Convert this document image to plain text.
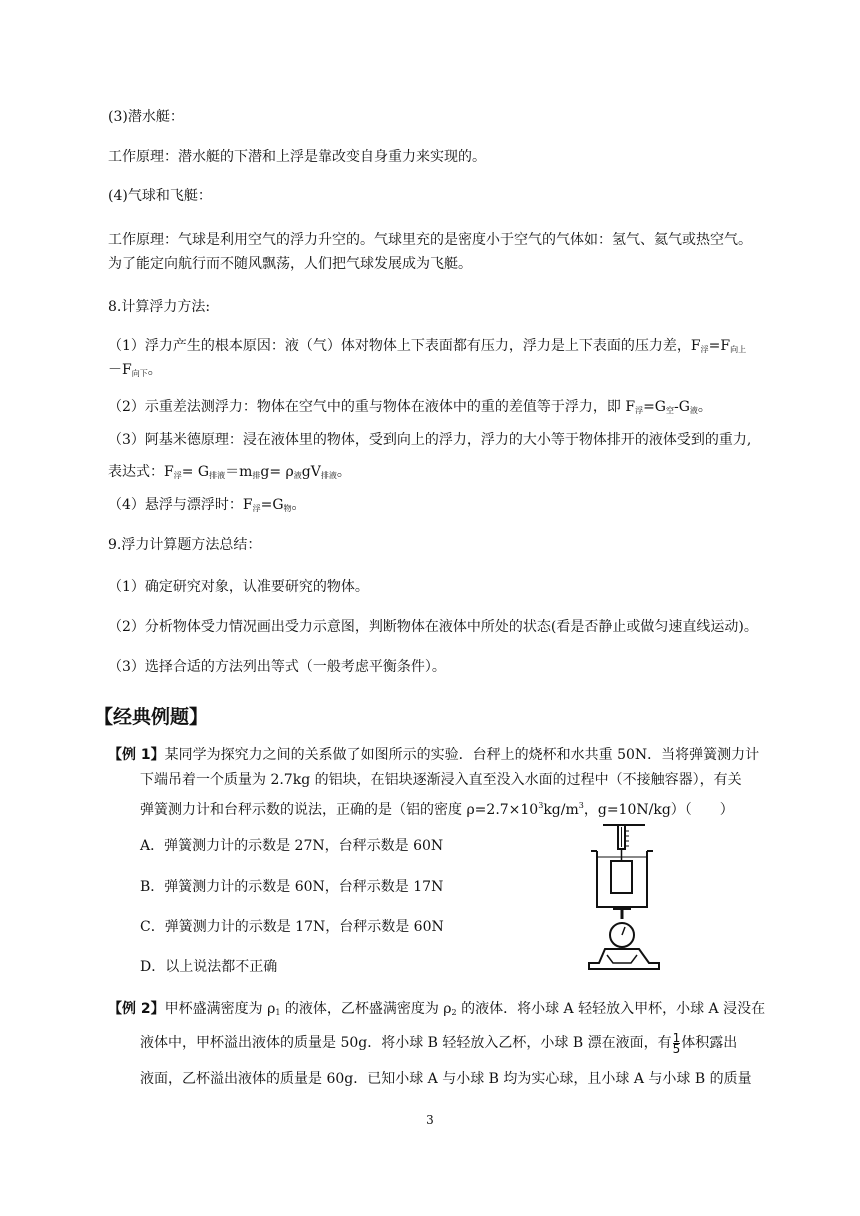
(3)潜水艇：
工作原理：潜水艇的下潜和上浮是靠改变自身重力来实现的。
(4)气球和飞艇：
工作原理：气球是利用空气的浮力升空的。气球里充的是密度小于空气的气体如：氢气、氦气或热空气。
为了能定向航行而不随风飘荡，人们把气球发展成为飞艇。
8.计算浮力方法:
（1）浮力产生的根本原因：液（气）体对物体上下表面都有压力，浮力是上下表面的压力差，$F_浮=F_{向上}$
$-F_{向下}$。
（2）示重差法测浮力：物体在空气中的重与物体在液体中的重的差值等于浮力，即 $F_浮=G_空-G_液$。
（3）阿基米德原理：浸在液体里的物体，受到向上的浮力，浮力的大小等于物体排开的液体受到的重力,
表达式：$F_浮= G_{排液}=m_排g= \rho_液gV_{排液}$。
（4）悬浮与漂浮时：$F_浮=G_物$。
9.浮力计算题方法总结：
（1）确定研究对象，认准要研究的物体。
（2）分析物体受力情况画出受力示意图，判断物体在液体中所处的状态(看是否静止或做匀速直线运动)。
（3）选择合适的方法列出等式（一般考虑平衡条件）。
【经典例题】
【例 1】某同学为探究力之间的关系做了如图所示的实验．台秤上的烧杯和水共重 50N．当将弹簧测力计
下端吊着一个质量为 2.7kg 的铝块，在铝块逐渐浸入直至没入水面的过程中（不接触容器），有关
弹簧测力计和台秤示数的说法，正确的是（铝的密度 $\rho=2.7\times 10^3kg/m^3$，g=10N/kg）（　　）
A．弹簧测力计的示数是 27N，台秤示数是 60N
B．弹簧测力计的示数是 60N，台秤示数是 17N
C．弹簧测力计的示数是 17N，台秤示数是 60N
D．以上说法都不正确
【例 2】甲杯盛满密度为 $\rho_1$ 的液体，乙杯盛满密度为 $\rho_2$ 的液体．将小球 A 轻轻放入甲杯，小球 A 浸没在
液体中，甲杯溢出液体的质量是 50g．将小球 B 轻轻放入乙杯，小球 B 漂在液面，有 $\frac{1}{5}$ 体积露出
液面，乙杯溢出液体的质量是 60g．已知小球 A 与小球 B 均为实心球，且小球 A 与小球 B 的质量
3
